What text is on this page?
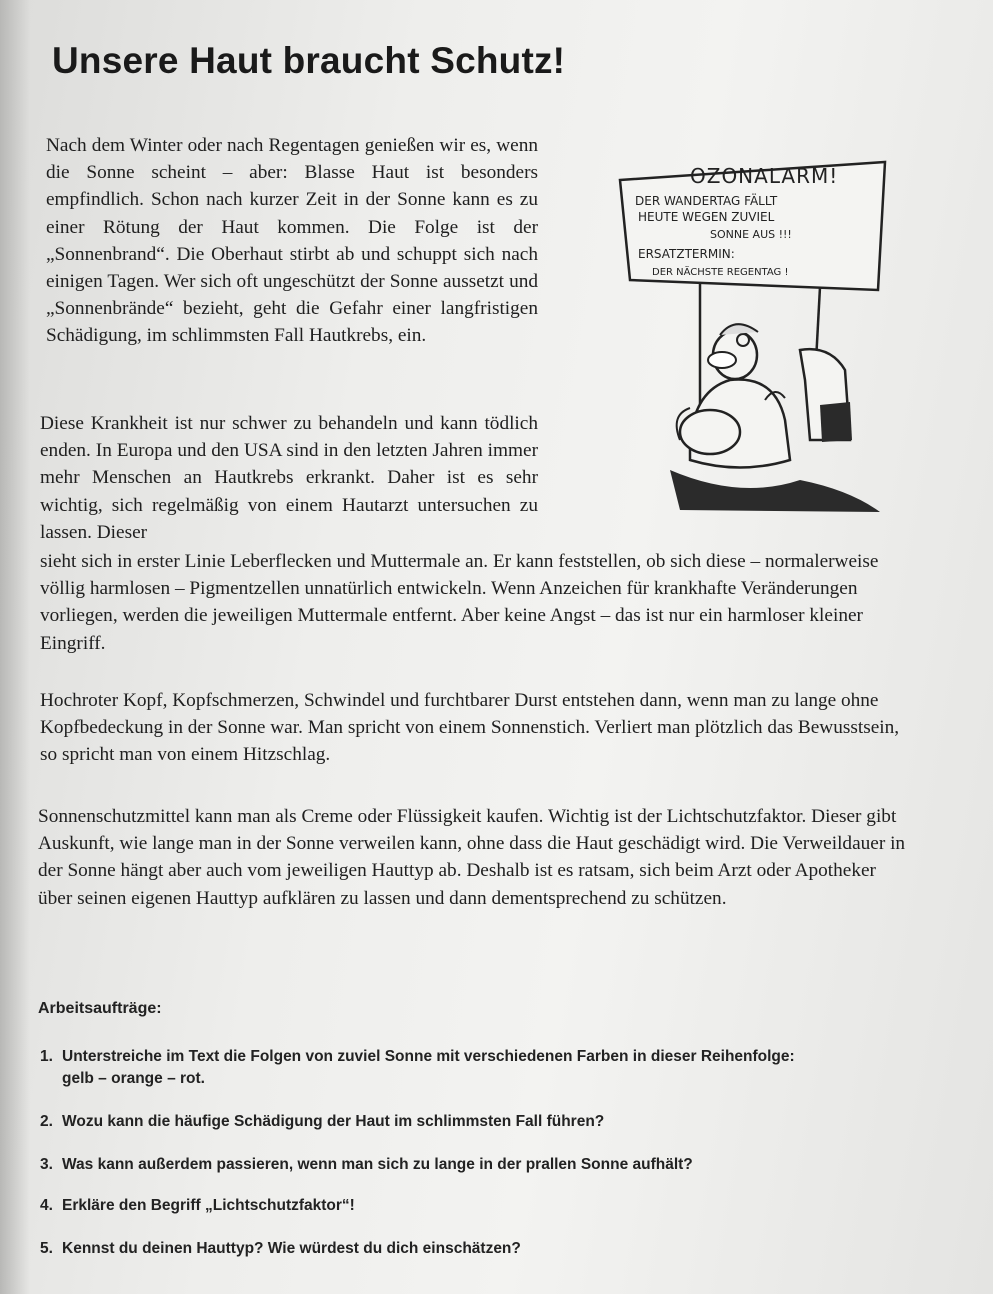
Unsere Haut braucht Schutz!

Nach dem Winter oder nach Regentagen genießen wir es, wenn die Sonne scheint – aber: Blasse Haut ist besonders empfindlich. Schon nach kurzer Zeit in der Sonne kann es zu einer Rötung der Haut kommen. Die Folge ist der „Sonnenbrand“. Die Oberhaut stirbt ab und schuppt sich nach einigen Tagen. Wer sich oft ungeschützt der Sonne aussetzt und „Sonnenbrände“ bezieht, geht die Gefahr einer langfristigen Schädigung, im schlimmsten Fall Hautkrebs, ein.

Diese Krankheit ist nur schwer zu behandeln und kann tödlich enden. In Europa und den USA sind in den letzten Jahren immer mehr Menschen an Hautkrebs erkrankt. Daher ist es sehr wichtig, sich regelmäßig von einem Hautarzt untersuchen zu lassen. Dieser

sieht sich in erster Linie Leberflecken und Muttermale an. Er kann feststellen, ob sich diese – normalerweise völlig harmlosen – Pigmentzellen unnatürlich entwickeln. Wenn Anzeichen für krankhafte Veränderungen vorliegen, werden die jeweiligen Muttermale entfernt. Aber keine Angst – das ist nur ein harmloser kleiner Eingriff.

Hochroter Kopf, Kopfschmerzen, Schwindel und furchtbarer Durst entstehen dann, wenn man zu lange ohne Kopfbedeckung in der Sonne war. Man spricht von einem Sonnenstich. Verliert man plötzlich das Bewusstsein, so spricht man von einem Hitzschlag.

Sonnenschutzmittel kann man als Creme oder Flüssigkeit kaufen. Wichtig ist der Lichtschutzfaktor. Dieser gibt Auskunft, wie lange man in der Sonne verweilen kann, ohne dass die Haut geschädigt wird. Die Verweildauer in der Sonne hängt aber auch vom jeweiligen Hauttyp ab. Deshalb ist es ratsam, sich beim Arzt oder Apotheker über seinen eigenen Hauttyp aufklären zu lassen und dann dementsprechend zu schützen.

OZONALARM!
DER WANDERTAG FÄLLT
HEUTE WEGEN ZUVIEL
SONNE AUS !!!
ERSATZTERMIN:
DER NÄCHSTE REGENTAG !
Arbeitsaufträge:
1. Unterstreiche im Text die Folgen von zuviel Sonne mit verschiedenen Farben in dieser Reihenfolge:
gelb – orange – rot.
2. Wozu kann die häufige Schädigung der Haut im schlimmsten Fall führen?
3. Was kann außerdem passieren, wenn man sich zu lange in der prallen Sonne aufhält?
4. Erkläre den Begriff „Lichtschutzfaktor“!
5. Kennst du deinen Hauttyp? Wie würdest du dich einschätzen?
